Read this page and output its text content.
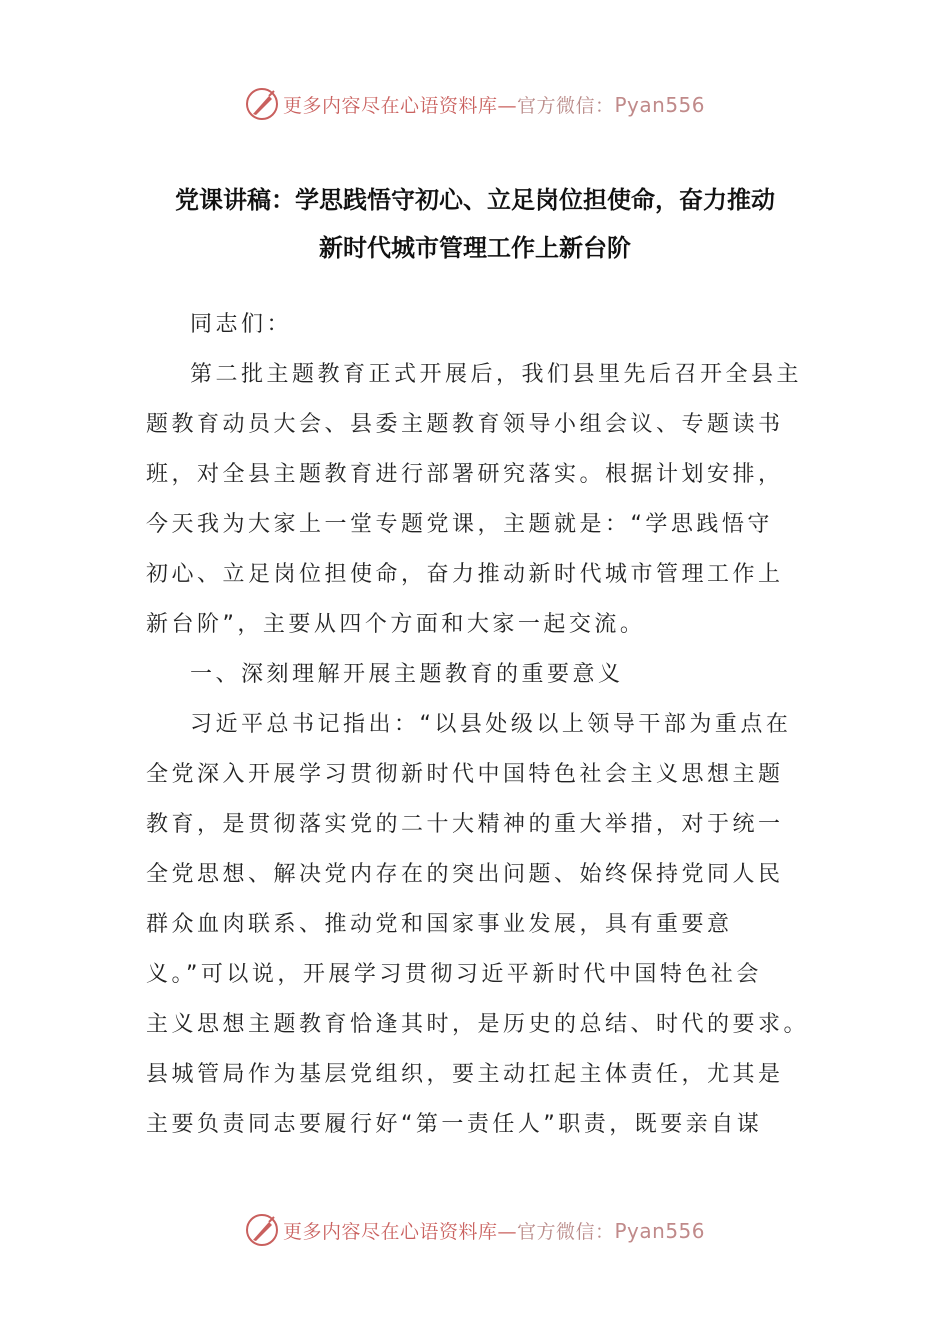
更多内容尽在心语资料库—官方微信：Pyan556
党课讲稿：学思践悟守初心、立足岗位担使命，奋力推动
新时代城市管理工作上新台阶
同志们：
第二批主题教育正式开展后，我们县里先后召开全县主
题教育动员大会、县委主题教育领导小组会议、专题读书
班，对全县主题教育进行部署研究落实。根据计划安排，
今天我为大家上一堂专题党课，主题就是：“学思践悟守
初心、立足岗位担使命，奋力推动新时代城市管理工作上
新台阶”，主要从四个方面和大家一起交流。
一、深刻理解开展主题教育的重要意义
习近平总书记指出：“以县处级以上领导干部为重点在
全党深入开展学习贯彻新时代中国特色社会主义思想主题
教育，是贯彻落实党的二十大精神的重大举措，对于统一
全党思想、解决党内存在的突出问题、始终保持党同人民
群众血肉联系、推动党和国家事业发展，具有重要意
义。”可以说，开展学习贯彻习近平新时代中国特色社会
主义思想主题教育恰逢其时，是历史的总结、时代的要求。
县城管局作为基层党组织，要主动扛起主体责任，尤其是
主要负责同志要履行好“第一责任人”职责，既要亲自谋
更多内容尽在心语资料库—官方微信：Pyan556
